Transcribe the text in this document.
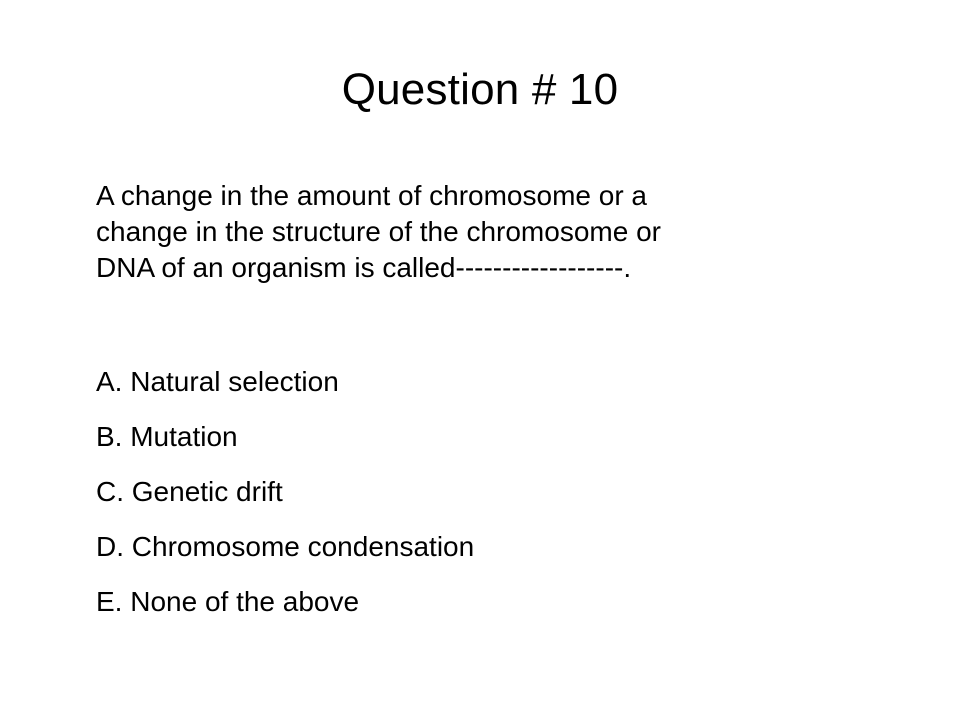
Question # 10

A change in the amount of chromosome or a
change in the structure of the chromosome or
DNA of an organism is called------------------.

A. Natural selection
B. Mutation
C. Genetic drift
D. Chromosome condensation
E. None of the above
